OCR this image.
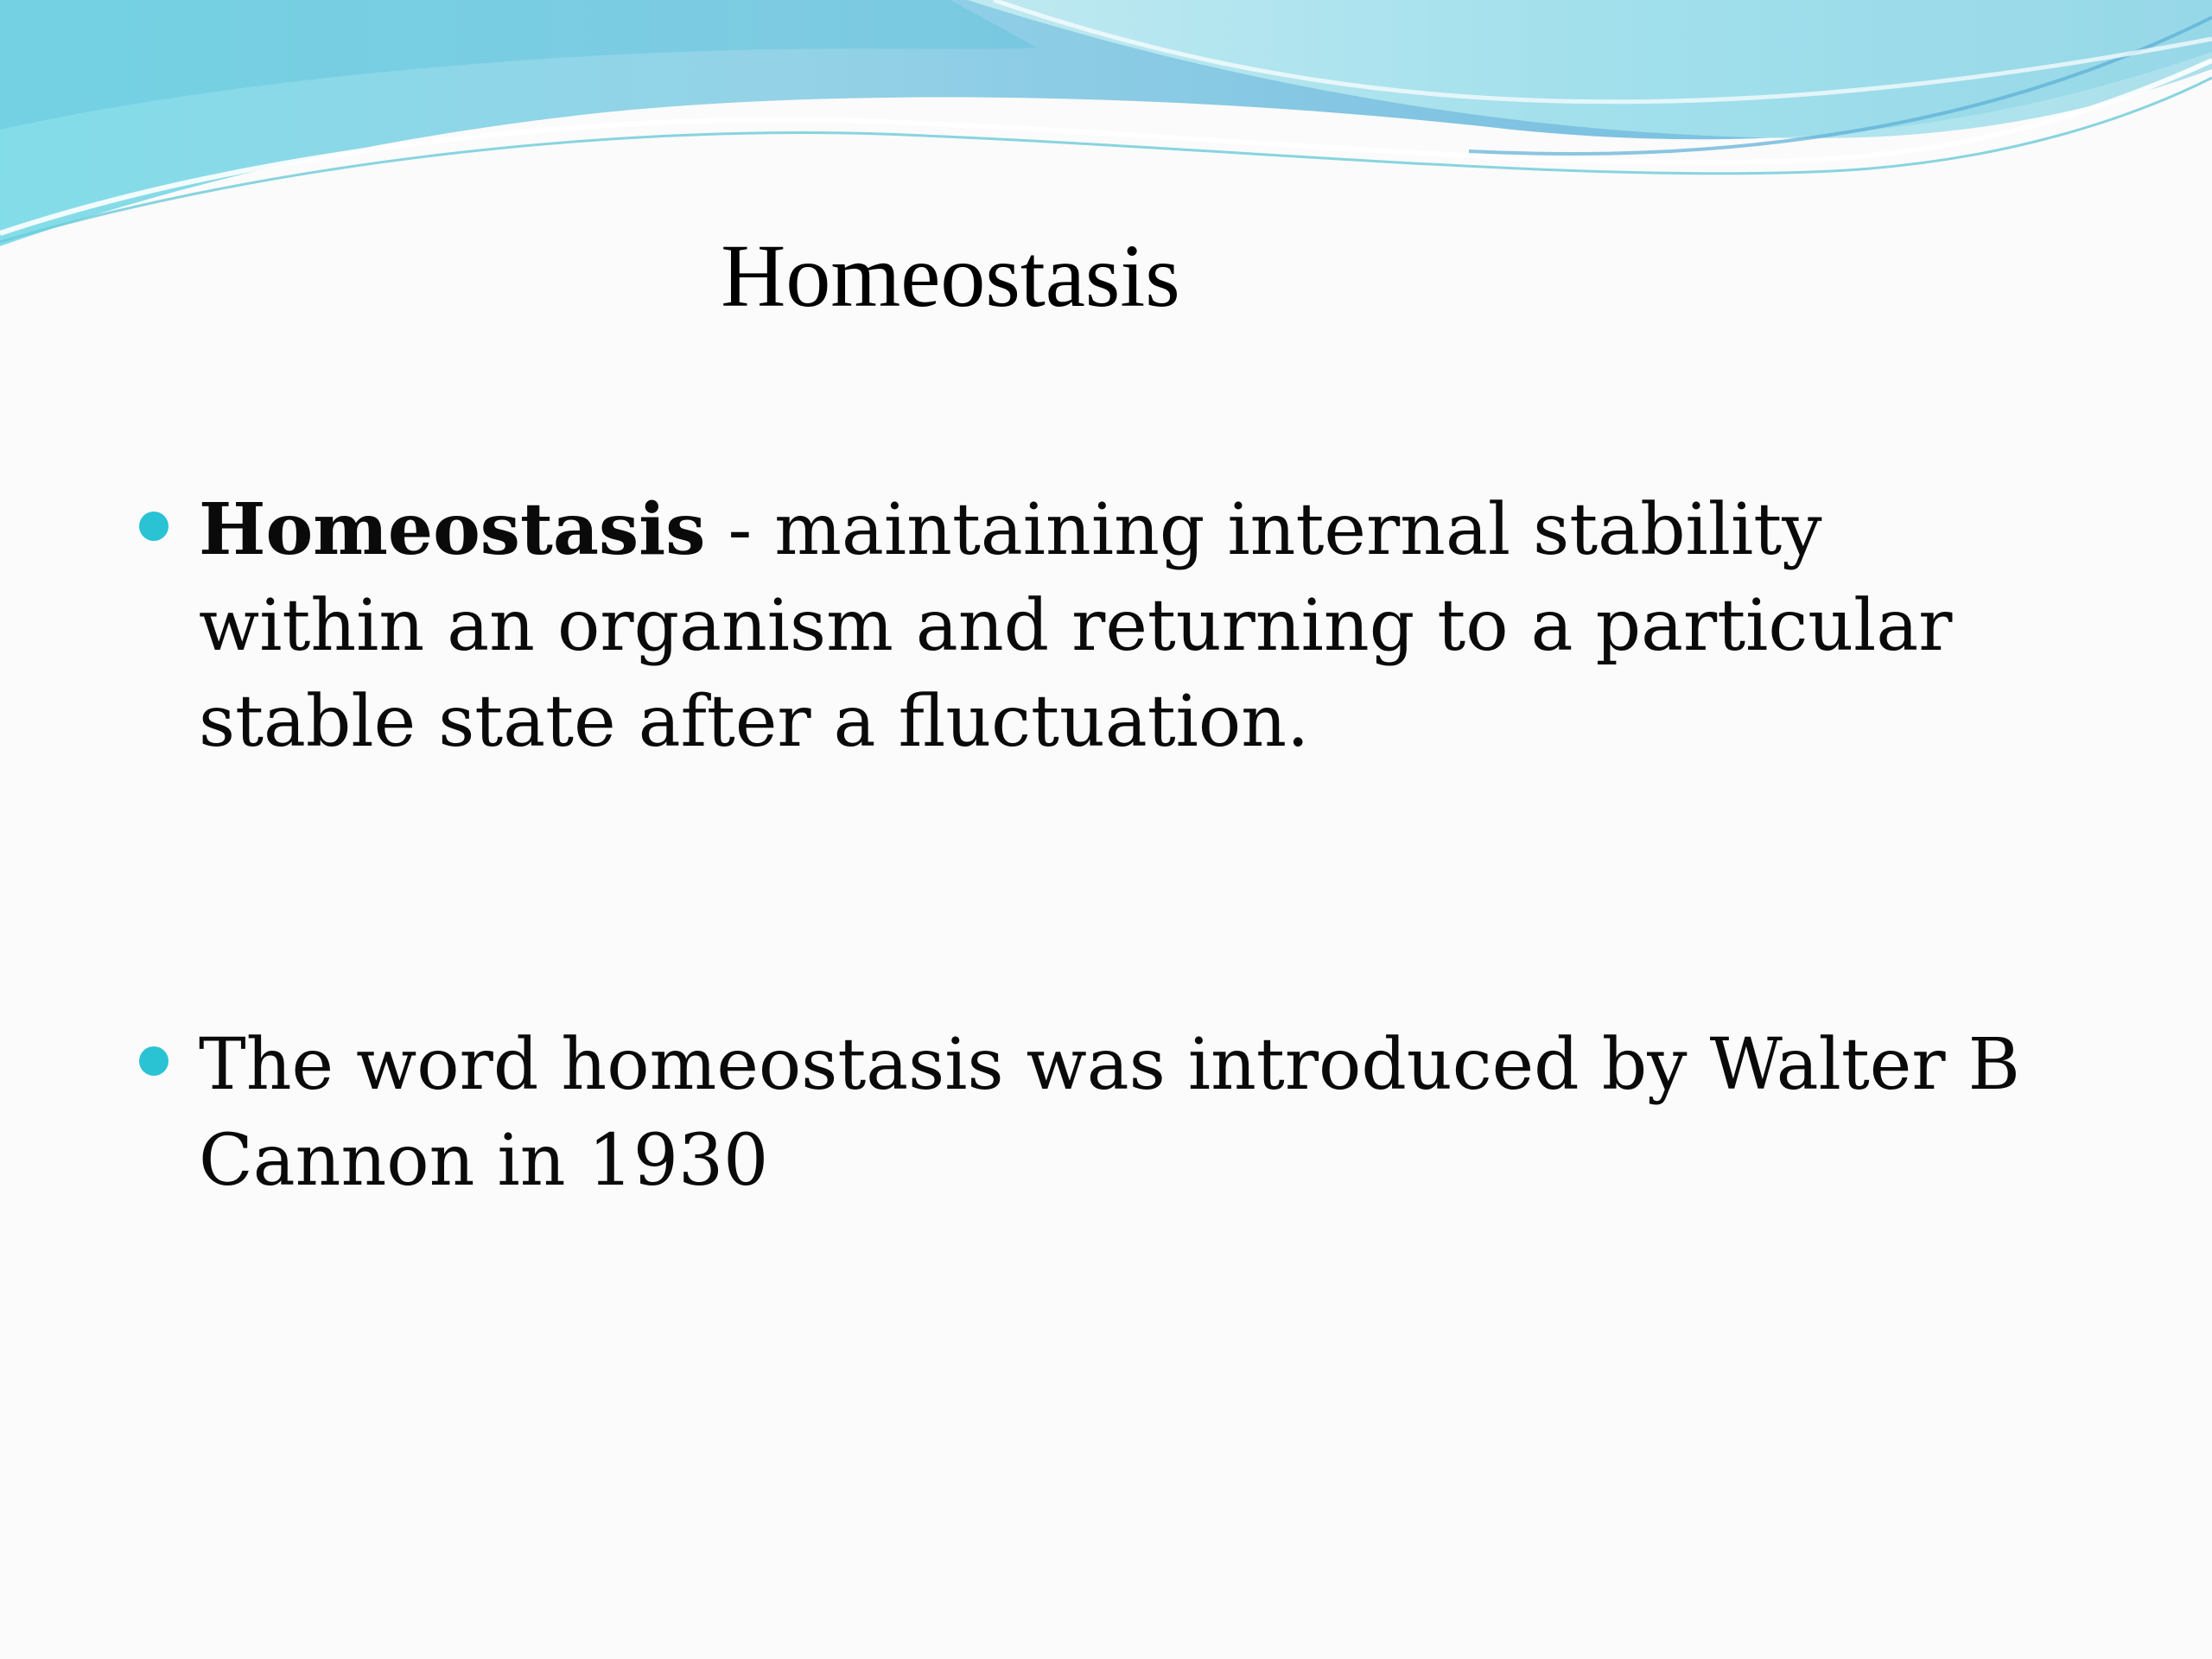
Homeostasis
Homeostasis - maintaining internal stability within an organism and returning to a particular stable state after a fluctuation.
The word homeostasis was introduced by Walter B Cannon in 1930
